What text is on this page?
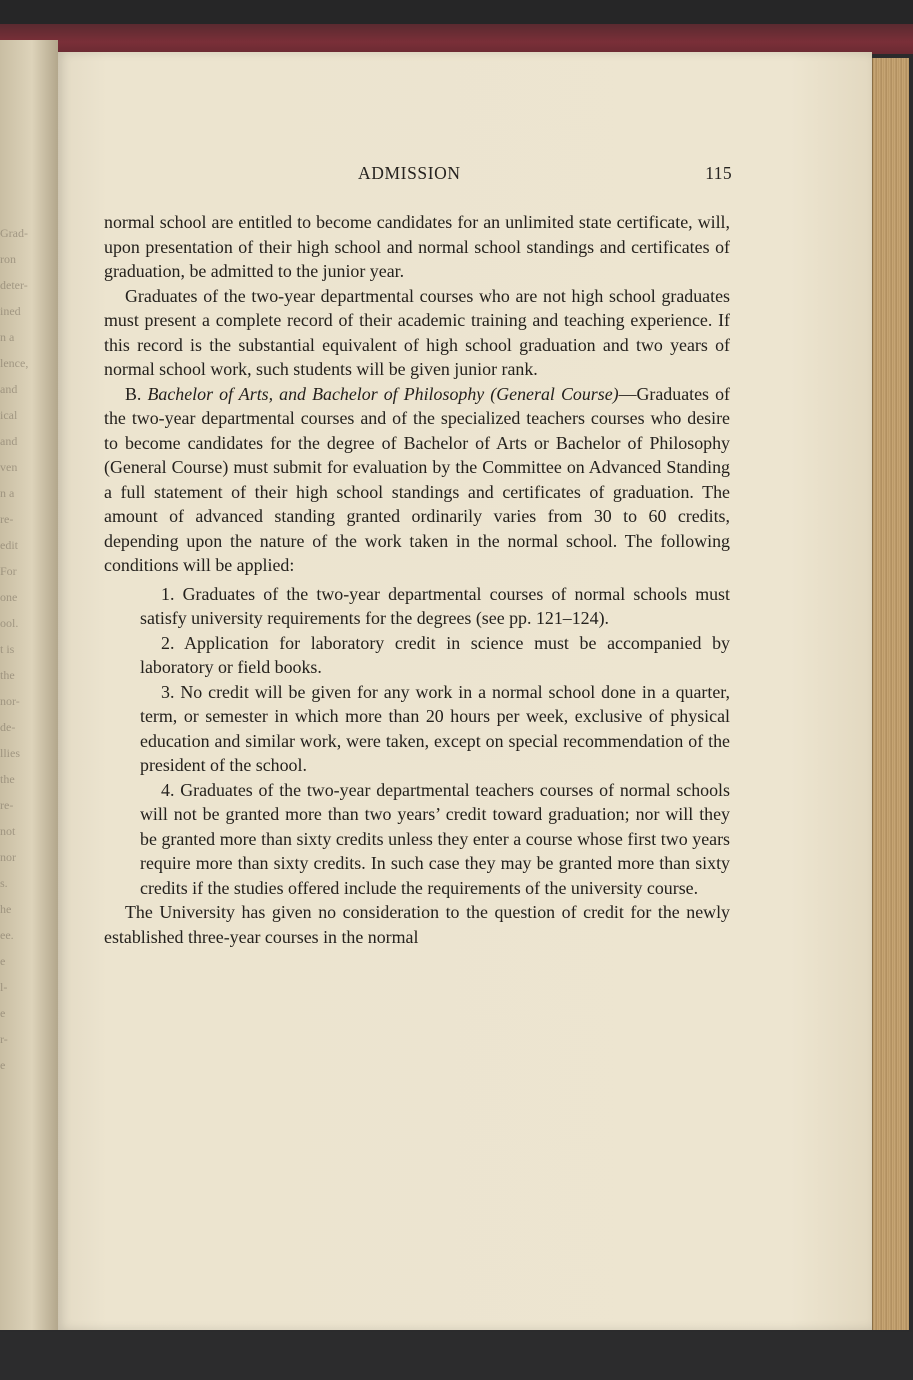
Grad-
ron
deter-
ined
n a
lence,
and
ical
and
ven
n a
re-
edit
For
one
ool.
t is
the
nor-
de-
llies
the
re-
not
nor
s.
he
ee.
e
l-
e
r-
e
ADMISSION	115

normal school are entitled to become candidates for an unlimited state certificate, will, upon presentation of their high school and normal school standings and certificates of graduation, be admitted to the junior year.

Graduates of the two-year departmental courses who are not high school graduates must present a complete record of their academic training and teaching experience. If this record is the substantial equivalent of high school graduation and two years of normal school work, such students will be given junior rank.

B. Bachelor of Arts, and Bachelor of Philosophy (General Course)—Graduates of the two-year departmental courses and of the specialized teachers courses who desire to become candidates for the degree of Bachelor of Arts or Bachelor of Philosophy (General Course) must submit for evaluation by the Committee on Advanced Standing a full statement of their high school standings and certificates of graduation. The amount of advanced standing granted ordinarily varies from 30 to 60 credits, depending upon the nature of the work taken in the normal school. The following conditions will be applied:

1. Graduates of the two-year departmental courses of normal schools must satisfy university requirements for the degrees (see pp. 121–124).

2. Application for laboratory credit in science must be accompanied by laboratory or field books.

3. No credit will be given for any work in a normal school done in a quarter, term, or semester in which more than 20 hours per week, exclusive of physical education and similar work, were taken, except on special recommendation of the president of the school.

4. Graduates of the two-year departmental teachers courses of normal schools will not be granted more than two years’ credit toward graduation; nor will they be granted more than sixty credits unless they enter a course whose first two years require more than sixty credits. In such case they may be granted more than sixty credits if the studies offered include the requirements of the university course.

The University has given no consideration to the question of credit for the newly established three-year courses in the normal
